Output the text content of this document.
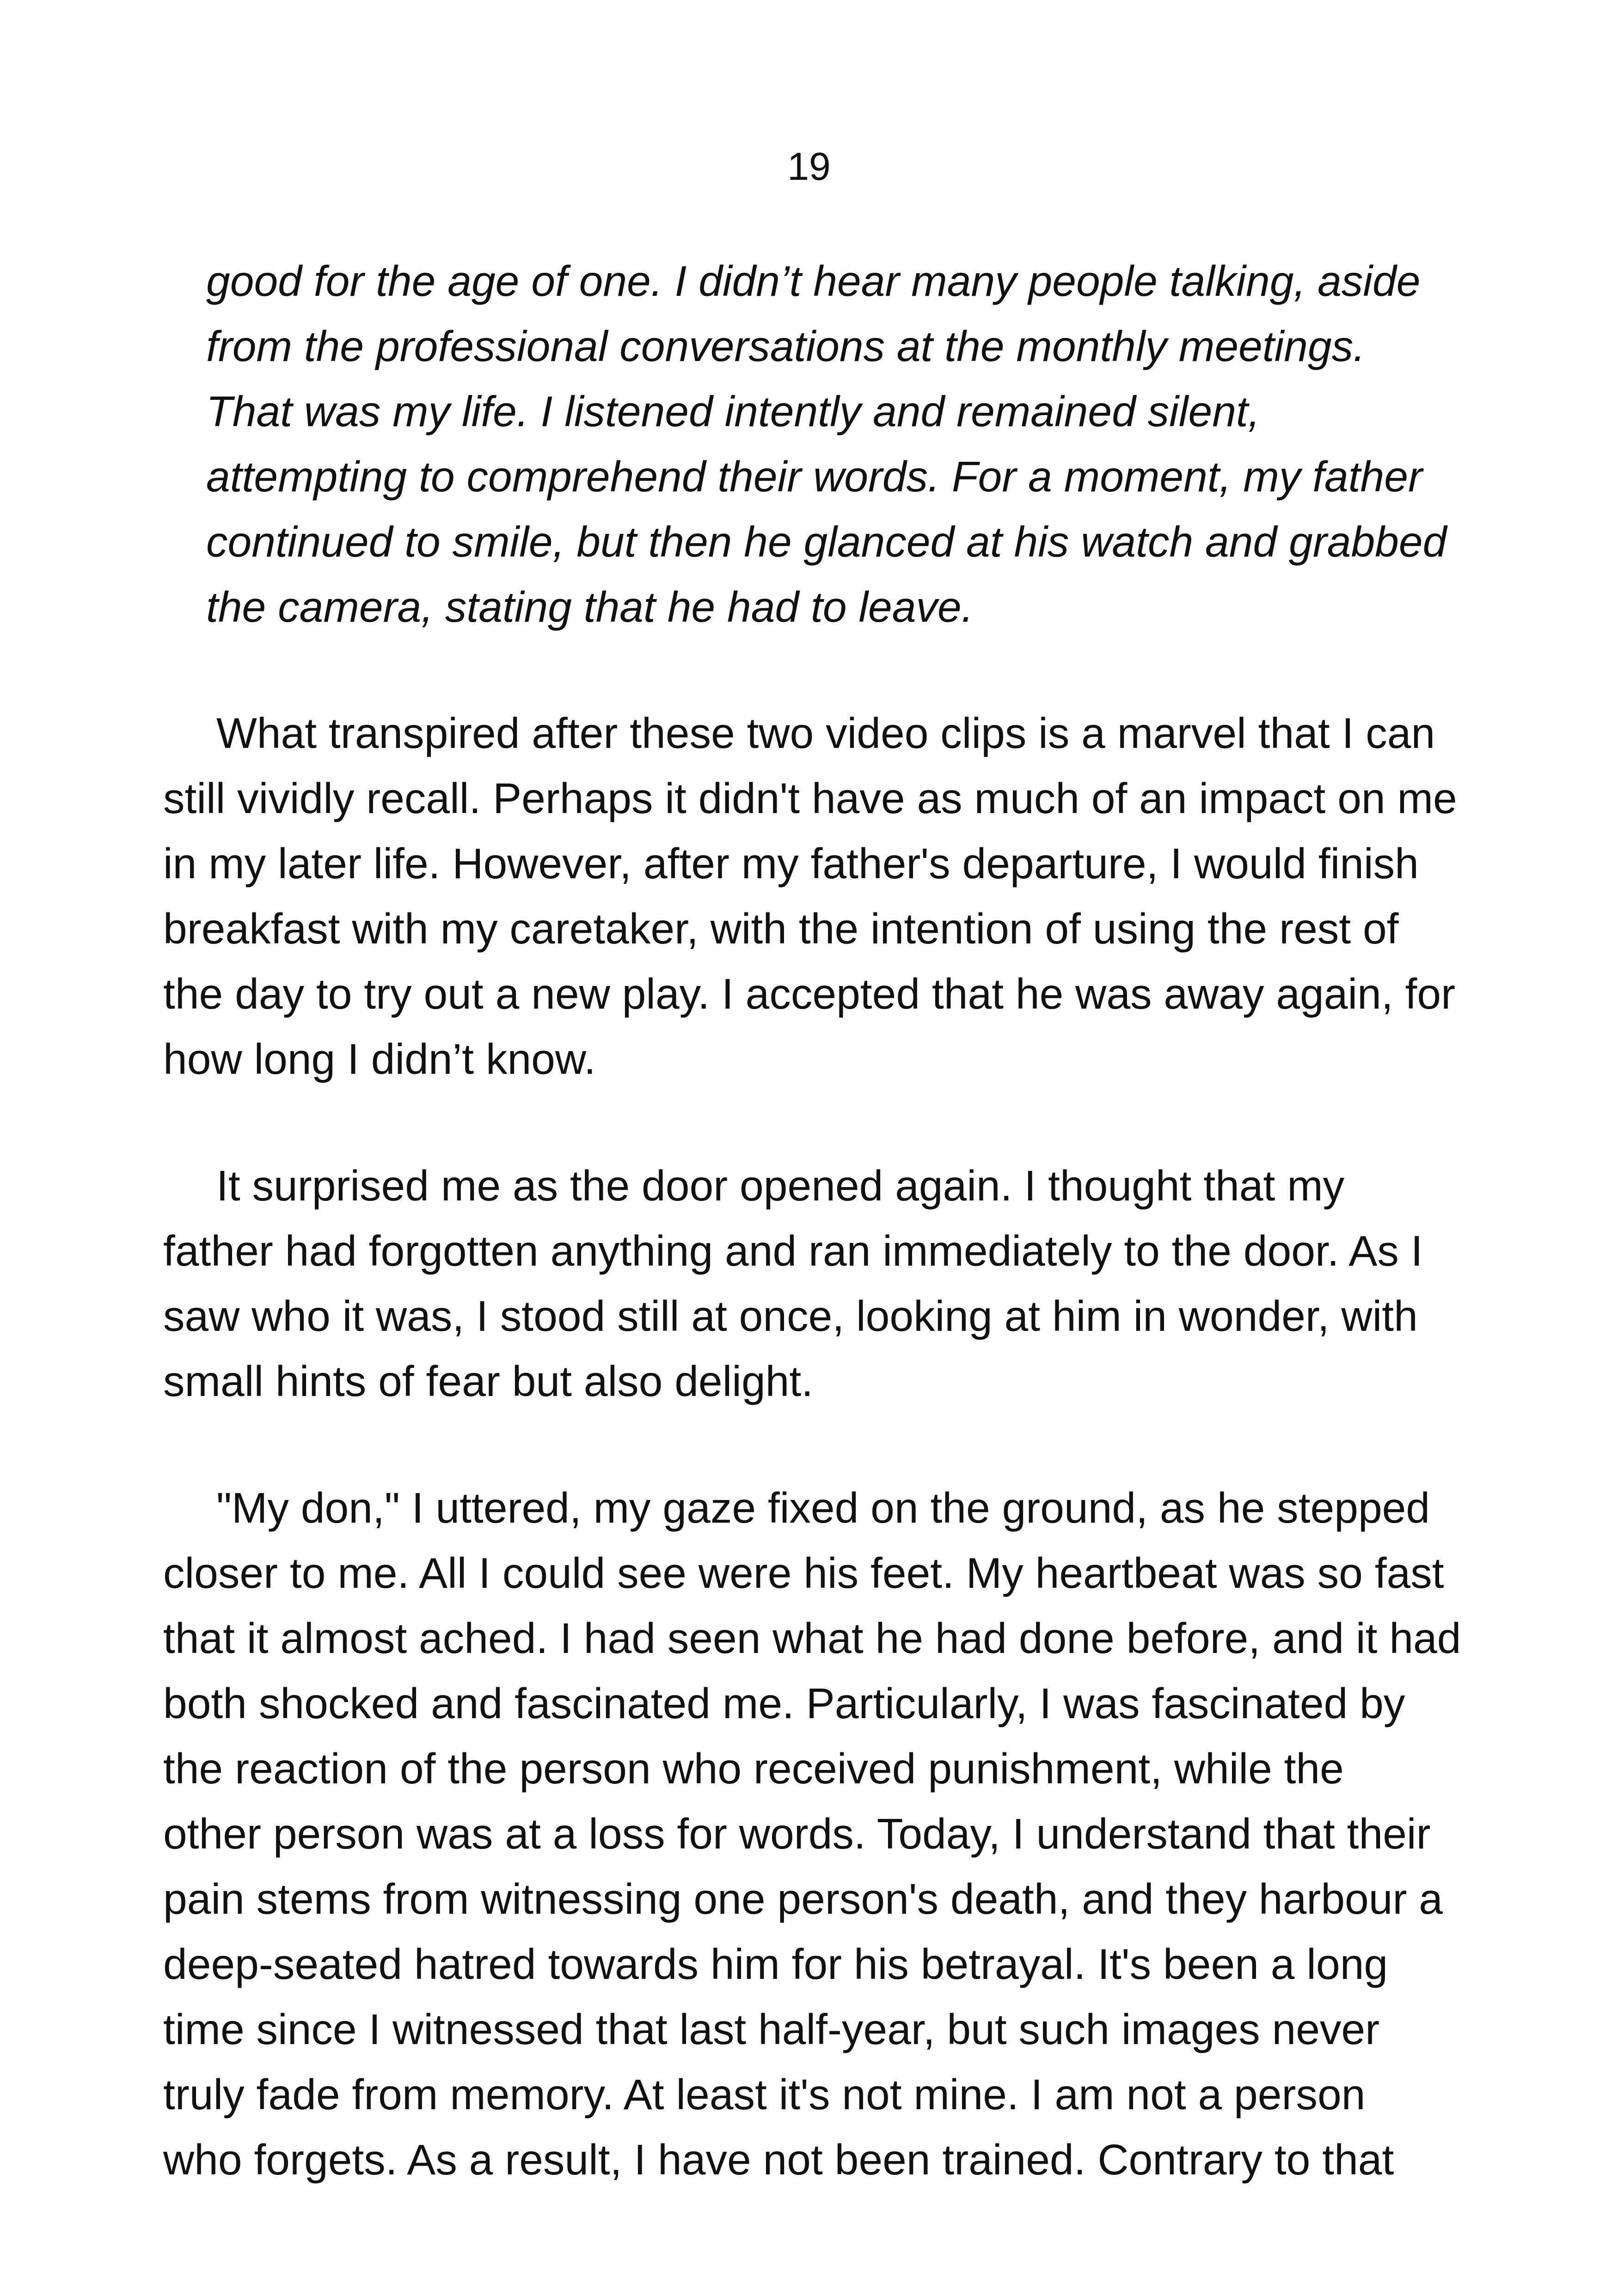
19
good for the age of one. I didn’t hear many people talking, aside
from the professional conversations at the monthly meetings.
That was my life. I listened intently and remained silent,
attempting to comprehend their words. For a moment, my father
continued to smile, but then he glanced at his watch and grabbed
the camera, stating that he had to leave.
What transpired after these two video clips is a marvel that I can
still vividly recall. Perhaps it didn't have as much of an impact on me
in my later life. However, after my father's departure, I would finish
breakfast with my caretaker, with the intention of using the rest of
the day to try out a new play. I accepted that he was away again, for
how long I didn’t know.
It surprised me as the door opened again. I thought that my
father had forgotten anything and ran immediately to the door. As I
saw who it was, I stood still at once, looking at him in wonder, with
small hints of fear but also delight.
"My don," I uttered, my gaze fixed on the ground, as he stepped
closer to me. All I could see were his feet. My heartbeat was so fast
that it almost ached. I had seen what he had done before, and it had
both shocked and fascinated me. Particularly, I was fascinated by
the reaction of the person who received punishment, while the
other person was at a loss for words. Today, I understand that their
pain stems from witnessing one person's death, and they harbour a
deep-seated hatred towards him for his betrayal. It's been a long
time since I witnessed that last half-year, but such images never
truly fade from memory. At least it's not mine. I am not a person
who forgets. As a result, I have not been trained. Contrary to that
